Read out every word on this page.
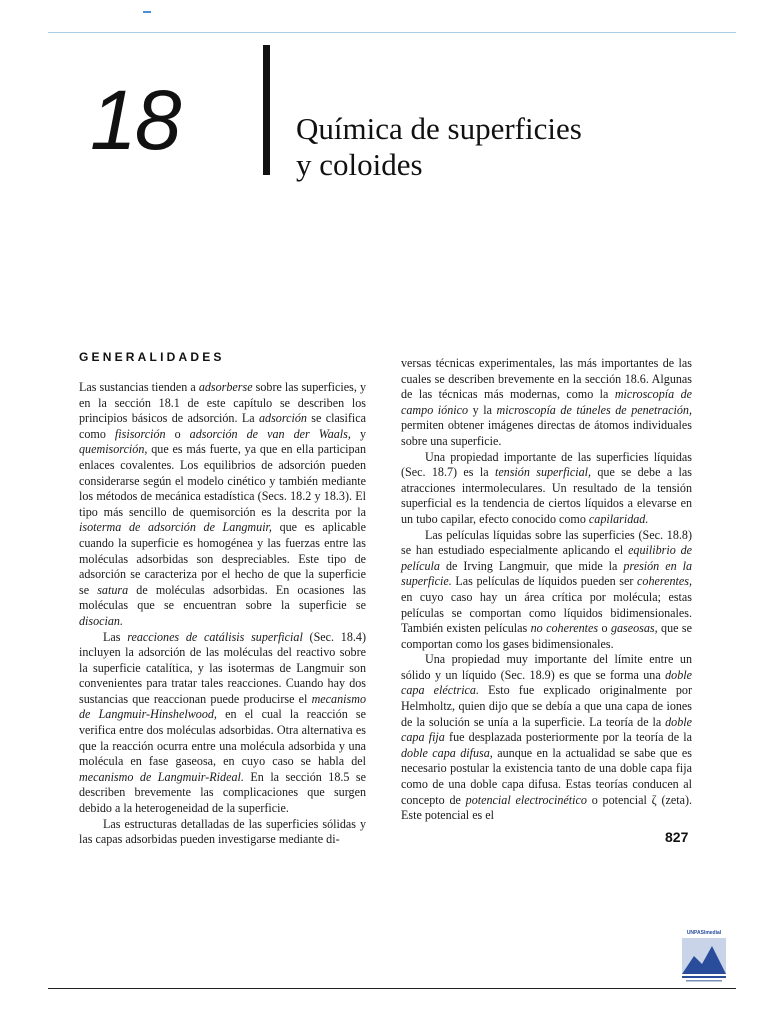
18	Química de superficies
y coloides
GENERALIDADES

Las sustancias tienden a adsorberse sobre las superficies, y en la sección 18.1 de este capítulo se describen los principios básicos de adsorción. La adsorción se clasifica como fisisorción o adsorción de van der Waals, y quemisorción, que es más fuerte, ya que en ella participan enlaces covalentes. Los equilibrios de adsorción pueden considerarse según el modelo cinético y también mediante los métodos de mecánica estadística (Secs. 18.2 y 18.3). El tipo más sencillo de quemisorción es la descrita por la isoterma de adsorción de Langmuir, que es aplicable cuando la superficie es homogénea y las fuerzas entre las moléculas adsorbidas son despreciables. Este tipo de adsorción se caracteriza por el hecho de que la superficie se satura de moléculas adsorbidas. En ocasiones las moléculas que se encuentran sobre la superficie se disocian.

Las reacciones de catálisis superficial (Sec. 18.4) incluyen la adsorción de las moléculas del reactivo sobre la superficie catalítica, y las isotermas de Langmuir son convenientes para tratar tales reacciones. Cuando hay dos sustancias que reaccionan puede producirse el mecanismo de Langmuir-Hinshelwood, en el cual la reacción se verifica entre dos moléculas adsorbidas. Otra alternativa es que la reacción ocurra entre una molécula adsorbida y una molécula en fase gaseosa, en cuyo caso se habla del mecanismo de Langmuir-Rideal. En la sección 18.5 se describen brevemente las complicaciones que surgen debido a la heterogeneidad de la superficie.

Las estructuras detalladas de las superficies sólidas y las capas adsorbidas pueden investigarse mediante di-

versas técnicas experimentales, las más importantes de las cuales se describen brevemente en la sección 18.6. Algunas de las técnicas más modernas, como la microscopía de campo iónico y la microscopía de túneles de penetración, permiten obtener imágenes directas de átomos individuales sobre una superficie.

Una propiedad importante de las superficies líquidas (Sec. 18.7) es la tensión superficial, que se debe a las atracciones intermoleculares. Un resultado de la tensión superficial es la tendencia de ciertos líquidos a elevarse en un tubo capilar, efecto conocido como capilaridad.

Las películas líquidas sobre las superficies (Sec. 18.8) se han estudiado especialmente aplicando el equilibrio de película de Irving Langmuir, que mide la presión en la superficie. Las películas de líquidos pueden ser coherentes, en cuyo caso hay un área crítica por molécula; estas películas se comportan como líquidos bidimensionales. También existen películas no coherentes o gaseosas, que se comportan como los gases bidimensionales.

Una propiedad muy importante del límite entre un sólido y un líquido (Sec. 18.9) es que se forma una doble capa eléctrica. Esto fue explicado originalmente por Helmholtz, quien dijo que se debía a que una capa de iones de la solución se unía a la superficie. La teoría de la doble capa fija fue desplazada posteriormente por la teoría de la doble capa difusa, aunque en la actualidad se sabe que es necesario postular la existencia tanto de una doble capa fija como de una doble capa difusa. Estas teorías conducen al concepto de potencial electrocinético o potencial ζ (zeta). Este potencial es el

827
UNPASImedial
